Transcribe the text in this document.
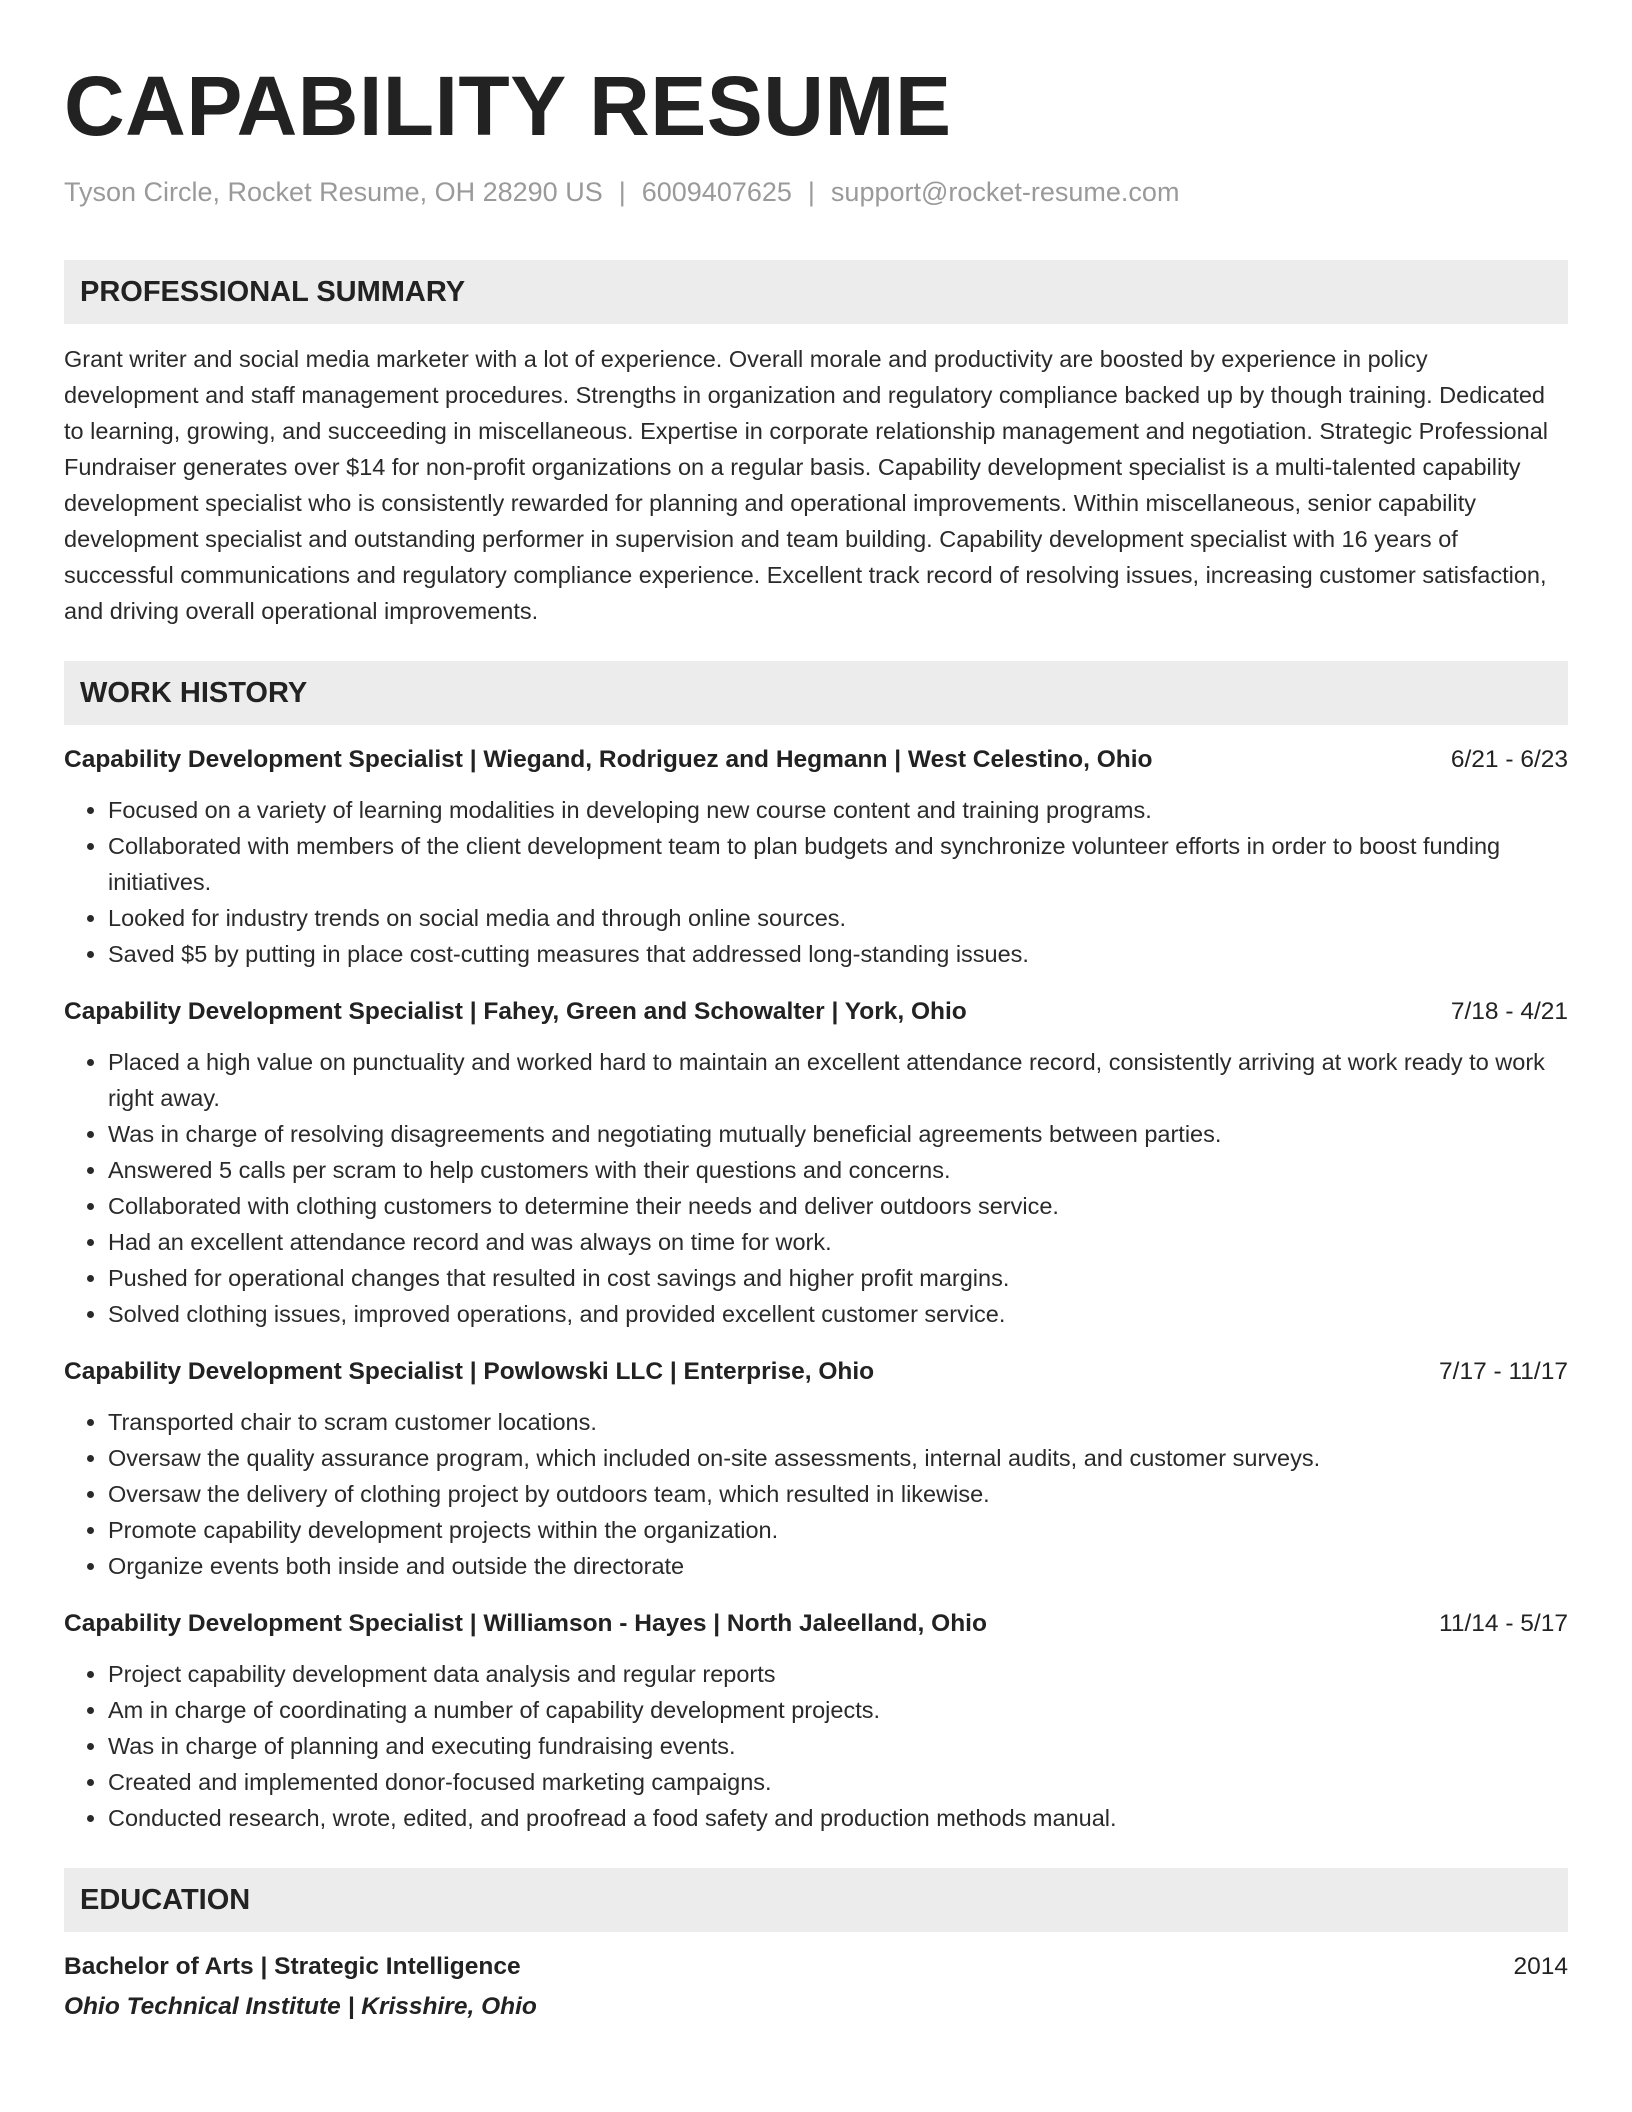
CAPABILITY RESUME
Tyson Circle, Rocket Resume, OH 28290 US | 6009407625 | support@rocket-resume.com
PROFESSIONAL SUMMARY

Grant writer and social media marketer with a lot of experience. Overall morale and productivity are boosted by experience in policy development and staff management procedures. Strengths in organization and regulatory compliance backed up by though training. Dedicated to learning, growing, and succeeding in miscellaneous. Expertise in corporate relationship management and negotiation. Strategic Professional Fundraiser generates over $14 for non-profit organizations on a regular basis. Capability development specialist is a multi-talented capability development specialist who is consistently rewarded for planning and operational improvements. Within miscellaneous, senior capability development specialist and outstanding performer in supervision and team building. Capability development specialist with 16 years of successful communications and regulatory compliance experience. Excellent track record of resolving issues, increasing customer satisfaction, and driving overall operational improvements.

WORK HISTORY
Capability Development Specialist | Wiegand, Rodriguez and Hegmann | West Celestino, Ohio	6/21 - 6/23
• Focused on a variety of learning modalities in developing new course content and training programs.
• Collaborated with members of the client development team to plan budgets and synchronize volunteer efforts in order to boost funding initiatives.
• Looked for industry trends on social media and through online sources.
• Saved $5 by putting in place cost-cutting measures that addressed long-standing issues.
Capability Development Specialist | Fahey, Green and Schowalter | York, Ohio	7/18 - 4/21
• Placed a high value on punctuality and worked hard to maintain an excellent attendance record, consistently arriving at work ready to work right away.
• Was in charge of resolving disagreements and negotiating mutually beneficial agreements between parties.
• Answered 5 calls per scram to help customers with their questions and concerns.
• Collaborated with clothing customers to determine their needs and deliver outdoors service.
• Had an excellent attendance record and was always on time for work.
• Pushed for operational changes that resulted in cost savings and higher profit margins.
• Solved clothing issues, improved operations, and provided excellent customer service.
Capability Development Specialist | Powlowski LLC | Enterprise, Ohio	7/17 - 11/17
• Transported chair to scram customer locations.
• Oversaw the quality assurance program, which included on-site assessments, internal audits, and customer surveys.
• Oversaw the delivery of clothing project by outdoors team, which resulted in likewise.
• Promote capability development projects within the organization.
• Organize events both inside and outside the directorate
Capability Development Specialist | Williamson - Hayes | North Jaleelland, Ohio	11/14 - 5/17
• Project capability development data analysis and regular reports
• Am in charge of coordinating a number of capability development projects.
• Was in charge of planning and executing fundraising events.
• Created and implemented donor-focused marketing campaigns.
• Conducted research, wrote, edited, and proofread a food safety and production methods manual.
EDUCATION
Bachelor of Arts | Strategic Intelligence	2014
Ohio Technical Institute | Krisshire, Ohio
